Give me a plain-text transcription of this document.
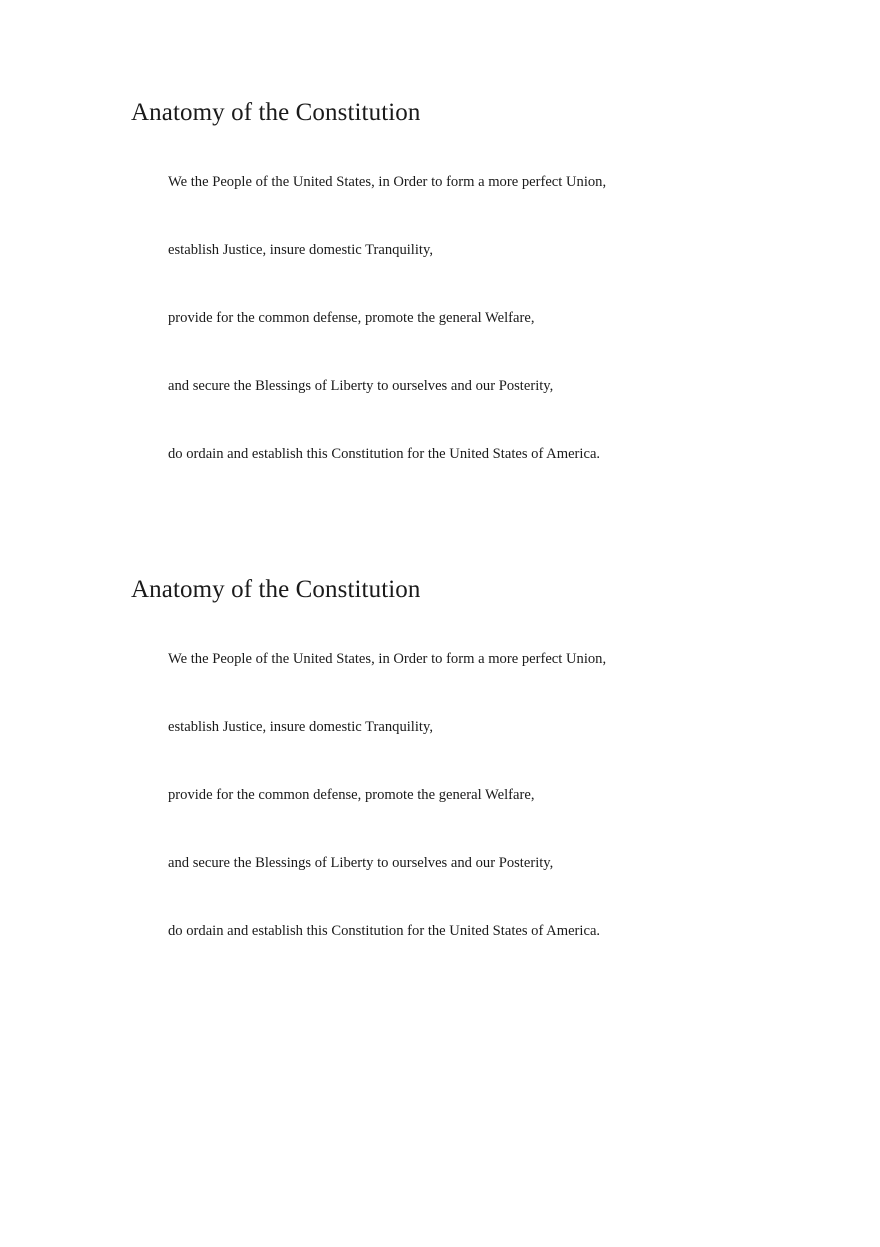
Anatomy of the Constitution
We the People of the United States, in Order to form a more perfect Union,
establish Justice, insure domestic Tranquility,
provide for the common defense, promote the general Welfare,
and secure the Blessings of Liberty to ourselves and our Posterity,
do ordain and establish this Constitution for the United States of America.
Anatomy of the Constitution
We the People of the United States, in Order to form a more perfect Union,
establish Justice, insure domestic Tranquility,
provide for the common defense, promote the general Welfare,
and secure the Blessings of Liberty to ourselves and our Posterity,
do ordain and establish this Constitution for the United States of America.
